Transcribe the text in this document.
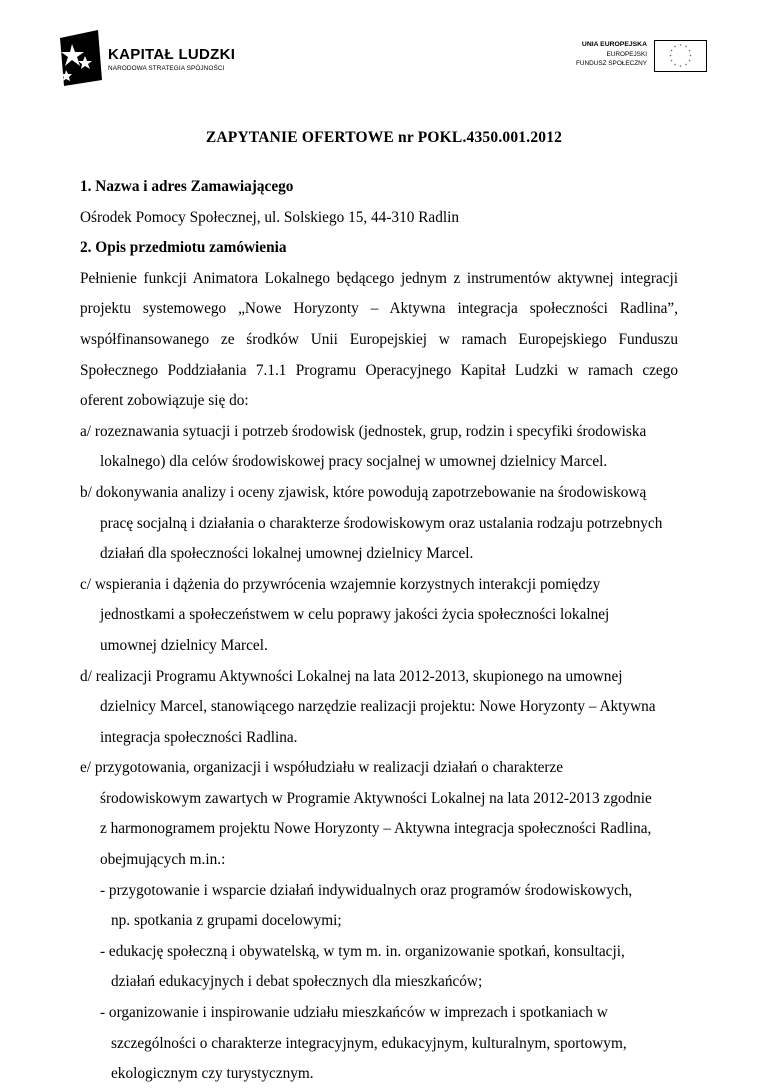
KAPITAŁ LUDZKI
NARODOWA STRATEGIA SPÓJNOŚCI
UNIA EUROPEJSKA
EUROPEJSKI
FUNDUSZ SPOŁECZNY
* *
*
*
*
*
*
*
*
*
*
*
ZAPYTANIE OFERTOWE nr POKL.4350.001.2012
1. Nazwa i adres Zamawiającego
Ośrodek Pomocy Społecznej, ul. Solskiego 15, 44-310 Radlin
2. Opis przedmiotu zamówienia
Pełnienie funkcji Animatora Lokalnego będącego jednym z instrumentów aktywnej integracji
projektu systemowego „Nowe Horyzonty – Aktywna integracja społeczności Radlina”,
współfinansowanego ze środków Unii Europejskiej w ramach Europejskiego Funduszu
Społecznego Poddziałania 7.1.1 Programu Operacyjnego Kapitał Ludzki w ramach czego
oferent zobowiązuje się do:
a/ rozeznawania sytuacji i potrzeb środowisk (jednostek, grup, rodzin i specyfiki środowiska
lokalnego) dla celów środowiskowej pracy socjalnej w umownej dzielnicy Marcel.
b/ dokonywania analizy i oceny zjawisk, które powodują zapotrzebowanie na środowiskową
pracę socjalną i działania o charakterze środowiskowym oraz ustalania rodzaju potrzebnych
działań dla społeczności lokalnej umownej dzielnicy Marcel.
c/ wspierania i dążenia do przywrócenia wzajemnie korzystnych interakcji pomiędzy
jednostkami a społeczeństwem w celu poprawy jakości życia społeczności lokalnej
umownej dzielnicy Marcel.
d/ realizacji Programu Aktywności Lokalnej na lata 2012-2013, skupionego na umownej
dzielnicy Marcel, stanowiącego narzędzie realizacji projektu: Nowe Horyzonty – Aktywna
integracja społeczności Radlina.
e/ przygotowania, organizacji i współudziału w realizacji działań o charakterze
środowiskowym zawartych w Programie Aktywności Lokalnej na lata 2012-2013 zgodnie
z harmonogramem projektu Nowe Horyzonty – Aktywna integracja społeczności Radlina,
obejmujących m.in.:
- przygotowanie i wsparcie działań indywidualnych oraz programów środowiskowych,
np. spotkania z grupami docelowymi;
- edukację społeczną i obywatelską, w tym m. in. organizowanie spotkań, konsultacji,
działań edukacyjnych i debat społecznych dla mieszkańców;
- organizowanie i inspirowanie udziału mieszkańców w imprezach i spotkaniach w
szczególności o charakterze integracyjnym, edukacyjnym, kulturalnym, sportowym,
ekologicznym czy turystycznym.
